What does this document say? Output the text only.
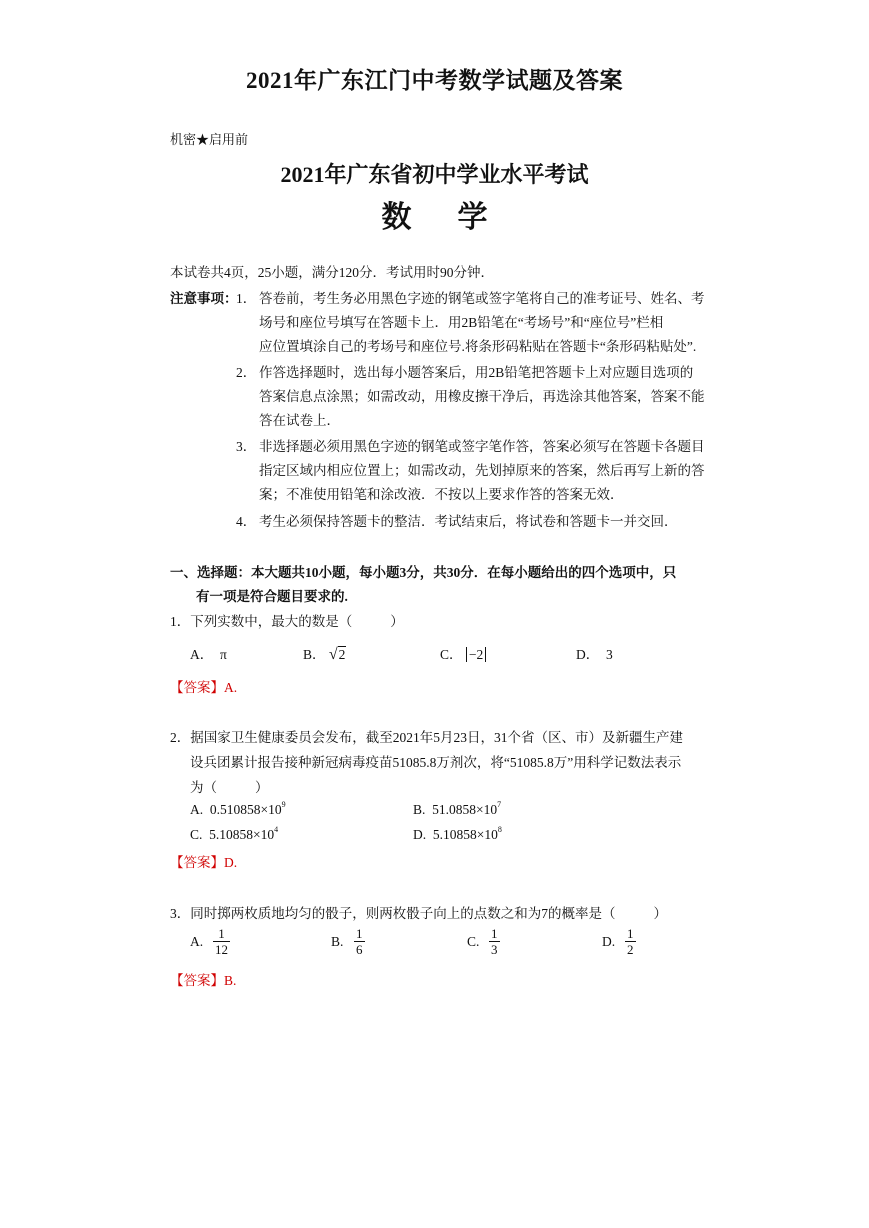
2021年广东江门中考数学试题及答案
机密★启用前
2021年广东省初中学业水平考试
数学
本试卷共4页，25小题，满分120分．考试用时90分钟．
注意事项：
1． 答卷前，考生务必用黑色字迹的钢笔或签字笔将自己的准考证号、姓名、考
场号和座位号填写在答题卡上．用2B铅笔在“考场号”和“座位号”栏相
应位置填涂自己的考场号和座位号.将条形码粘贴在答题卡“条形码粘贴处”.
2． 作答选择题时，选出每小题答案后，用2B铅笔把答题卡上对应题目选项的
答案信息点涂黑；如需改动，用橡皮擦干净后，再选涂其他答案，答案不能
答在试卷上．
3． 非选择题必须用黑色字迹的钢笔或签字笔作答，答案必须写在答题卡各题目
指定区域内相应位置上；如需改动，先划掉原来的答案，然后再写上新的答
案；不准使用铅笔和涂改液．不按以上要求作答的答案无效．
4． 考生必须保持答题卡的整洁．考试结束后，将试卷和答题卡一并交回．
一、选择题：本大题共10小题，每小题3分，共30分．在每小题给出的四个选项中，只
有一项是符合题目要求的.
1．下列实数中，最大的数是（	）
A． π	B． √2	C． −2	D． 3
【答案】A.
2．据国家卫生健康委员会发布，截至2021年5月23日，31个省（区、市）及新疆生产建
设兵团累计报告接种新冠病毒疫苗51085.8万剂次，将“51085.8万”用科学记数法表示
为（	）
A. $0.510858\times 10^9$	B. $51.0858\times 10^7$
C. $5.10858\times 10^4$	D. $5.10858\times 10^8$
【答案】D.
3．同时掷两枚质地均匀的骰子，则两枚骰子向上的点数之和为7的概率是（	）
A. $\frac{1}{12}$	B. $\frac{1}{6}$	C. $\frac{1}{3}$	D. $\frac{1}{2}$
【答案】B.
